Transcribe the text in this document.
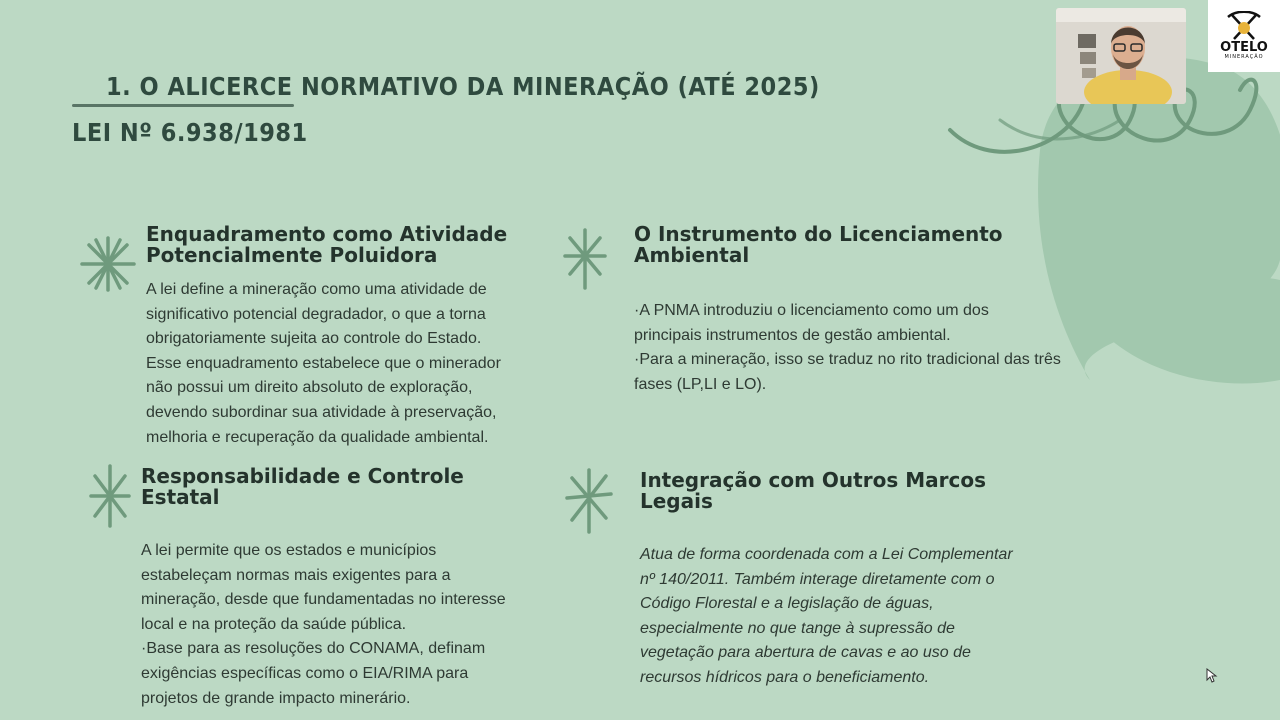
1. O ALICERCE NORMATIVO DA MINERAÇÃO (ATÉ 2025)
LEI Nº 6.938/1981
Enquadramento como Atividade
Potencialmente Poluidora

A lei define a mineração como uma atividade de

significativo potencial degradador, o que a torna

obrigatoriamente sujeita ao controle do Estado.

Esse enquadramento estabelece que o minerador

não possui um direito absoluto de exploração,

devendo subordinar sua atividade à preservação,

melhoria e recuperação da qualidade ambiental.

O Instrumento do Licenciamento Ambiental

·A PNMA introduziu o licenciamento como um dos

principais instrumentos de gestão ambiental.

·Para a mineração, isso se traduz no rito tradicional das três

fases (LP,LI e LO).

Responsabilidade e Controle Estatal

A lei permite que os estados e municípios

estabeleçam normas mais exigentes para a

mineração, desde que fundamentadas no interesse

local e na proteção da saúde pública.

·Base para as resoluções do CONAMA, definam

exigências específicas como o EIA/RIMA para

projetos de grande impacto minerário.

Integração com Outros Marcos Legais

Atua de forma coordenada com a Lei Complementar

nº 140/2011. Também interage diretamente com o

Código Florestal e a legislação de águas,

especialmente no que tange à supressão de

vegetação para abertura de cavas e ao uso de

recursos hídricos para o beneficiamento.

OTELO
MINERAÇÃO
